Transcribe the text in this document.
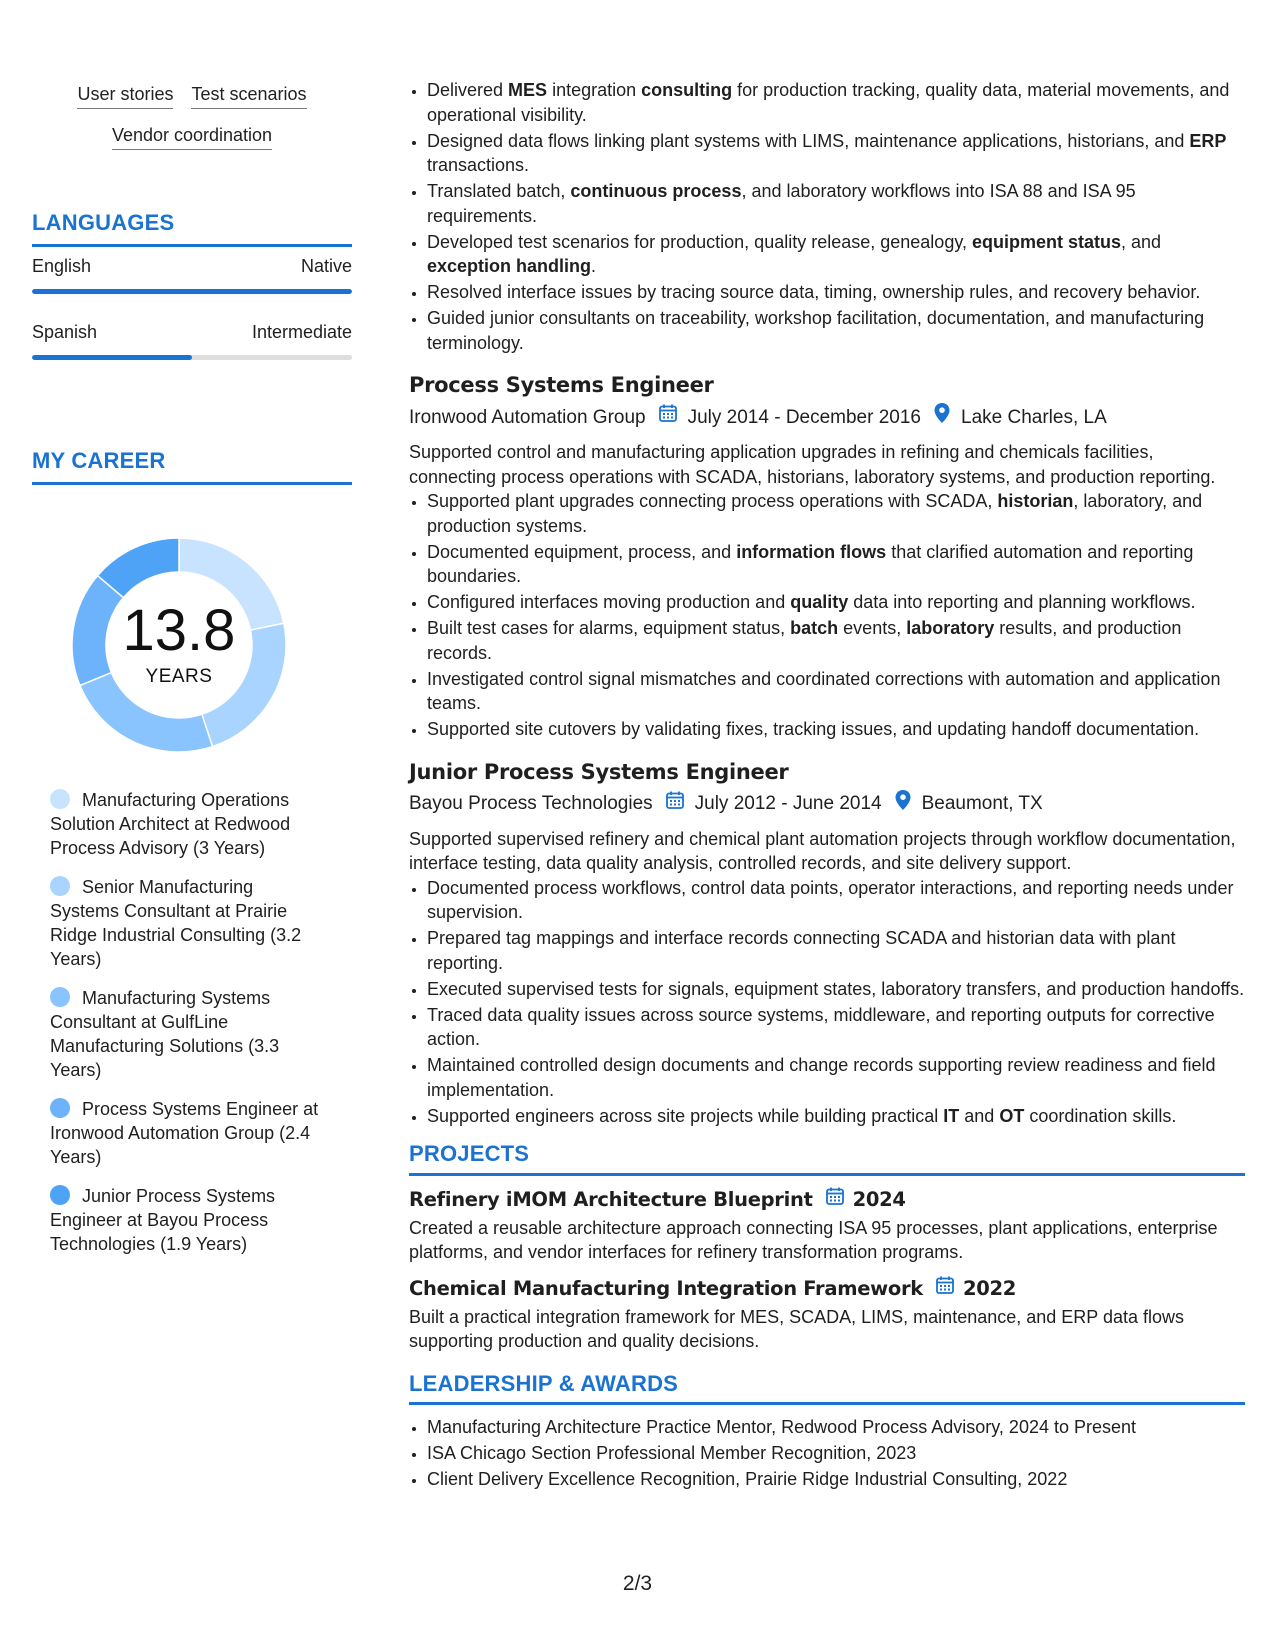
User stories Test scenarios
Vendor coordination
LANGUAGES
English	Native
Spanish	Intermediate
MY CAREER
13.8
YEARS
Manufacturing Operations Solution Architect at Redwood Process Advisory (3 Years)
Senior Manufacturing Systems Consultant at Prairie Ridge Industrial Consulting (3.2 Years)
Manufacturing Systems Consultant at GulfLine Manufacturing Solutions (3.3 Years)
Process Systems Engineer at Ironwood Automation Group (2.4 Years)
Junior Process Systems Engineer at Bayou Process Technologies (1.9 Years)
• Delivered MES integration consulting for production tracking, quality data, material movements, and operational visibility.
• Designed data flows linking plant systems with LIMS, maintenance applications, historians, and ERP transactions.
• Translated batch, continuous process, and laboratory workflows into ISA 88 and ISA 95 requirements.
• Developed test scenarios for production, quality release, genealogy, equipment status, and exception handling.
• Resolved interface issues by tracing source data, timing, ownership rules, and recovery behavior.
• Guided junior consultants on traceability, workshop facilitation, documentation, and manufacturing terminology.
Process Systems Engineer
Ironwood Automation Group July 2014 - December 2016 Lake Charles, LA
Supported control and manufacturing application upgrades in refining and chemicals facilities, connecting process operations with SCADA, historians, laboratory systems, and production reporting.
• Supported plant upgrades connecting process operations with SCADA, historian, laboratory, and production systems.
• Documented equipment, process, and information flows that clarified automation and reporting boundaries.
• Configured interfaces moving production and quality data into reporting and planning workflows.
• Built test cases for alarms, equipment status, batch events, laboratory results, and production records.
• Investigated control signal mismatches and coordinated corrections with automation and application teams.
• Supported site cutovers by validating fixes, tracking issues, and updating handoff documentation.
Junior Process Systems Engineer
Bayou Process Technologies July 2012 - June 2014 Beaumont, TX
Supported supervised refinery and chemical plant automation projects through workflow documentation, interface testing, data quality analysis, controlled records, and site delivery support.
• Documented process workflows, control data points, operator interactions, and reporting needs under supervision.
• Prepared tag mappings and interface records connecting SCADA and historian data with plant reporting.
• Executed supervised tests for signals, equipment states, laboratory transfers, and production handoffs.
• Traced data quality issues across source systems, middleware, and reporting outputs for corrective action.
• Maintained controlled design documents and change records supporting review readiness and field implementation.
• Supported engineers across site projects while building practical IT and OT coordination skills.
PROJECTS
Refinery iMOM Architecture Blueprint 2024
Created a reusable architecture approach connecting ISA 95 processes, plant applications, enterprise platforms, and vendor interfaces for refinery transformation programs.
Chemical Manufacturing Integration Framework 2022
Built a practical integration framework for MES, SCADA, LIMS, maintenance, and ERP data flows supporting production and quality decisions.
LEADERSHIP & AWARDS
• Manufacturing Architecture Practice Mentor, Redwood Process Advisory, 2024 to Present
• ISA Chicago Section Professional Member Recognition, 2023
• Client Delivery Excellence Recognition, Prairie Ridge Industrial Consulting, 2022
2/3
